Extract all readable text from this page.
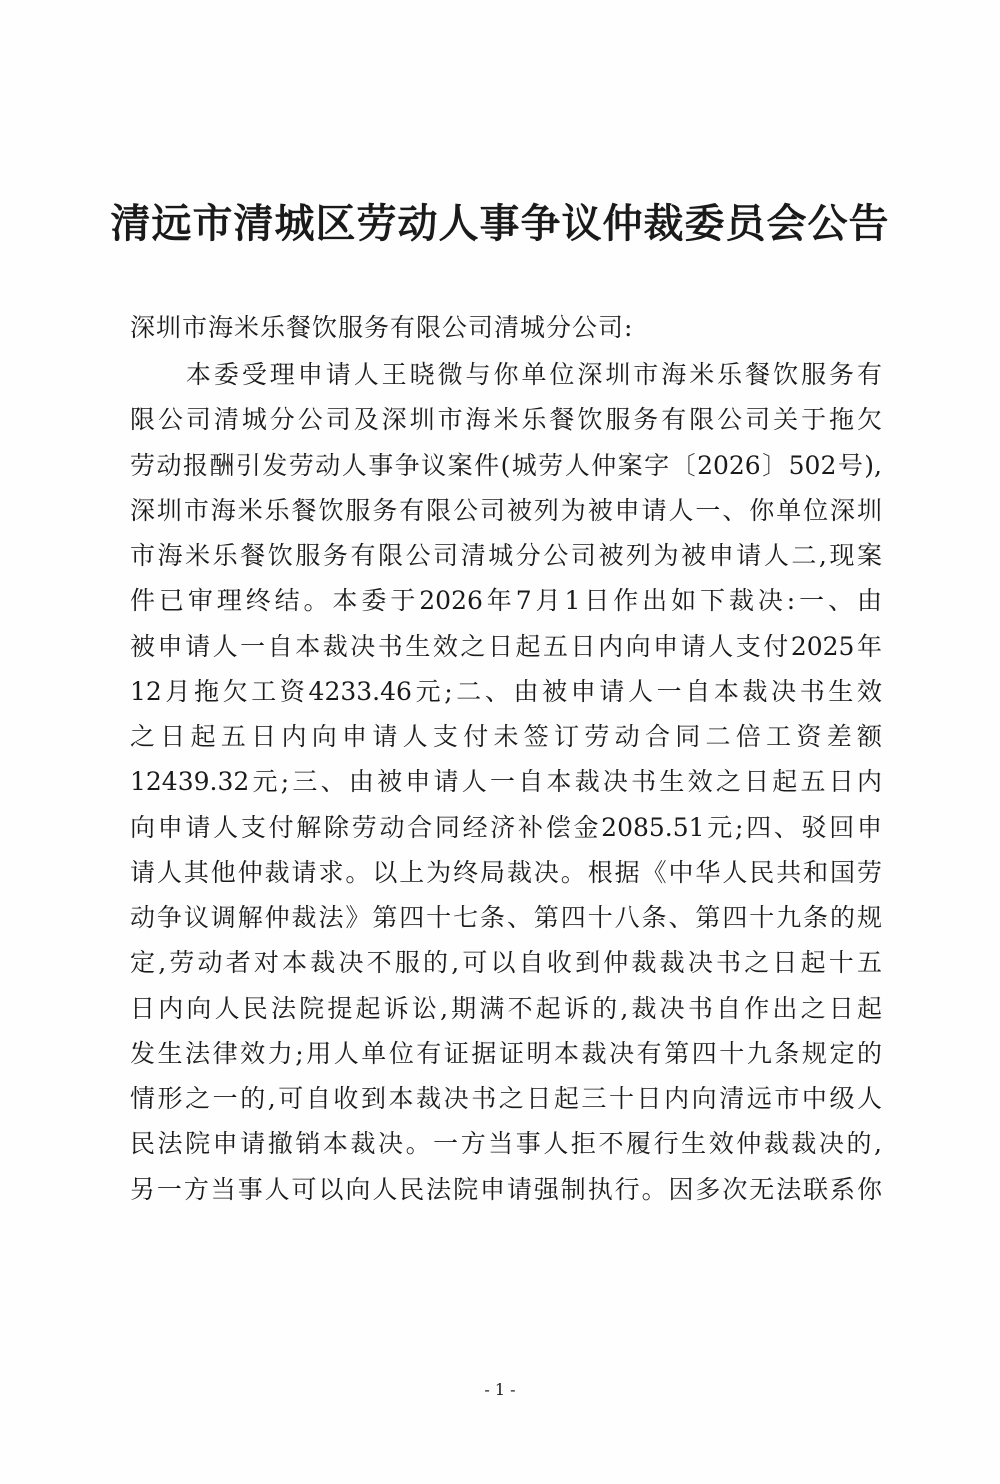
清远市清城区劳动人事争议仲裁委员会公告
深圳市海米乐餐饮服务有限公司清城分公司:
　　本委受理申请人王晓微与你单位深圳市海米乐餐饮服务有
限公司清城分公司及深圳市海米乐餐饮服务有限公司关于拖欠
劳动报酬引发劳动人事争议案件(城劳人仲案字〔2026〕502号),
深圳市海米乐餐饮服务有限公司被列为被申请人一、你单位深圳
市海米乐餐饮服务有限公司清城分公司被列为被申请人二,现案
件已审理终结。本委于2026年7月1日作出如下裁决:一、由
被申请人一自本裁决书生效之日起五日内向申请人支付2025年
12月拖欠工资4233.46元;二、由被申请人一自本裁决书生效
之日起五日内向申请人支付未签订劳动合同二倍工资差额
12439.32元;三、由被申请人一自本裁决书生效之日起五日内
向申请人支付解除劳动合同经济补偿金2085.51元;四、驳回申
请人其他仲裁请求。以上为终局裁决。根据《中华人民共和国劳
动争议调解仲裁法》第四十七条、第四十八条、第四十九条的规
定,劳动者对本裁决不服的,可以自收到仲裁裁决书之日起十五
日内向人民法院提起诉讼,期满不起诉的,裁决书自作出之日起
发生法律效力;用人单位有证据证明本裁决有第四十九条规定的
情形之一的,可自收到本裁决书之日起三十日内向清远市中级人
民法院申请撤销本裁决。一方当事人拒不履行生效仲裁裁决的,
另一方当事人可以向人民法院申请强制执行。因多次无法联系你
- 1 -
